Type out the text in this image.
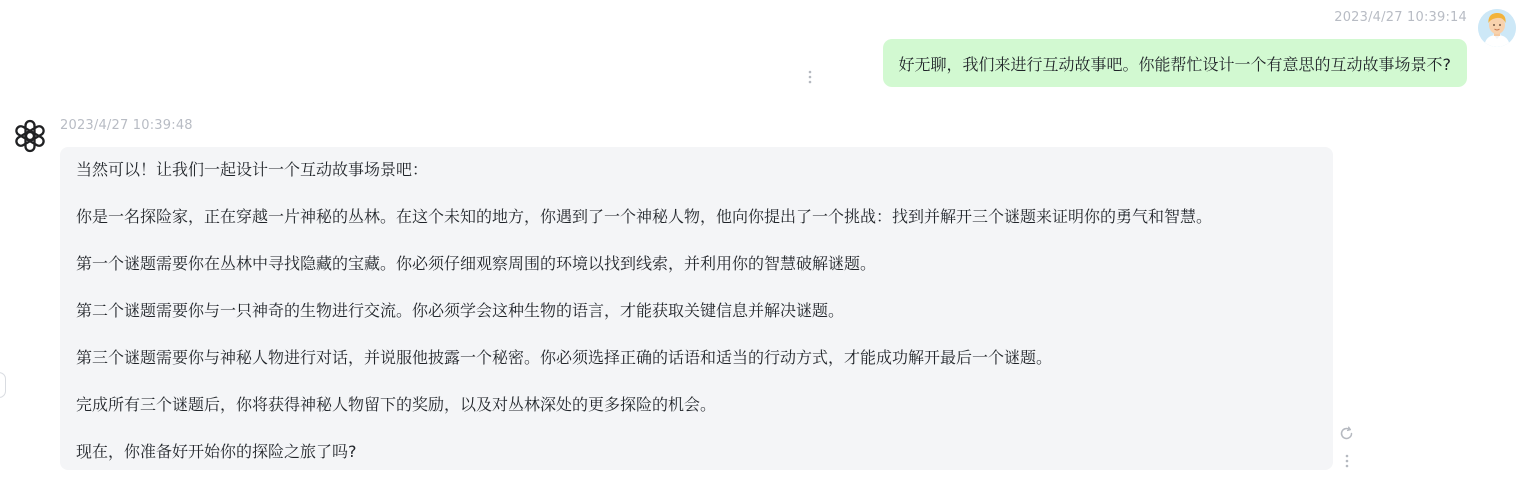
2023/4/27 10:39:14
好无聊，我们来进行互动故事吧。你能帮忙设计一个有意思的互动故事场景不?
2023/4/27 10:39:48

当然可以！让我们一起设计一个互动故事场景吧：

你是一名探险家，正在穿越一片神秘的丛林。在这个未知的地方，你遇到了一个神秘人物，他向你提出了一个挑战：找到并解开三个谜题来证明你的勇气和智慧。

第一个谜题需要你在丛林中寻找隐藏的宝藏。你必须仔细观察周围的环境以找到线索，并利用你的智慧破解谜题。

第二个谜题需要你与一只神奇的生物进行交流。你必须学会这种生物的语言，才能获取关键信息并解决谜题。

第三个谜题需要你与神秘人物进行对话，并说服他披露一个秘密。你必须选择正确的话语和适当的行动方式，才能成功解开最后一个谜题。

完成所有三个谜题后，你将获得神秘人物留下的奖励，以及对丛林深处的更多探险的机会。

现在，你准备好开始你的探险之旅了吗?
